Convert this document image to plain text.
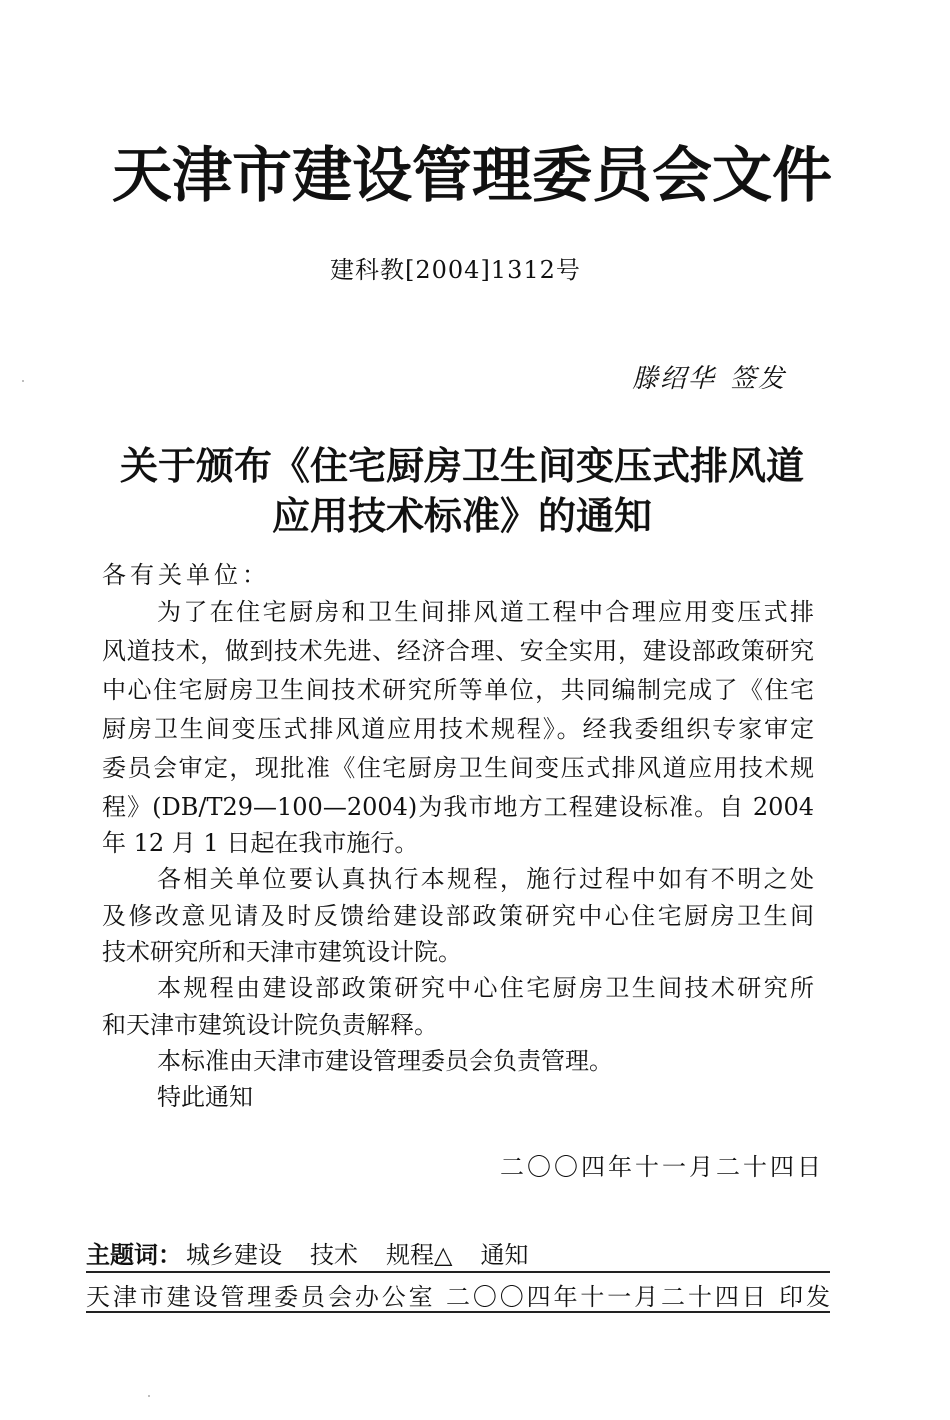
天津市建设管理委员会文件
建科教[2004]1312号
滕绍华 签发
关于颁布《住宅厨房卫生间变压式排风道
应用技术标准》的通知
各有关单位：
为了在住宅厨房和卫生间排风道工程中合理应用变压式排
风道技术，做到技术先进、经济合理、安全实用，建设部政策研究
中心住宅厨房卫生间技术研究所等单位，共同编制完成了《住宅
厨房卫生间变压式排风道应用技术规程》。经我委组织专家审定
委员会审定，现批准《住宅厨房卫生间变压式排风道应用技术规
程》(DB/T29—100—2004)为我市地方工程建设标准。自 2004
年 12 月 1 日起在我市施行。
各相关单位要认真执行本规程，施行过程中如有不明之处
及修改意见请及时反馈给建设部政策研究中心住宅厨房卫生间
技术研究所和天津市建筑设计院。
本规程由建设部政策研究中心住宅厨房卫生间技术研究所
和天津市建筑设计院负责解释。
本标准由天津市建设管理委员会负责管理。
特此通知
二〇〇四年十一月二十四日
主题词： 城乡建设 技术 规程△ 通知
天津市建设管理委员会办公室 二〇〇四年十一月二十四日 印发
